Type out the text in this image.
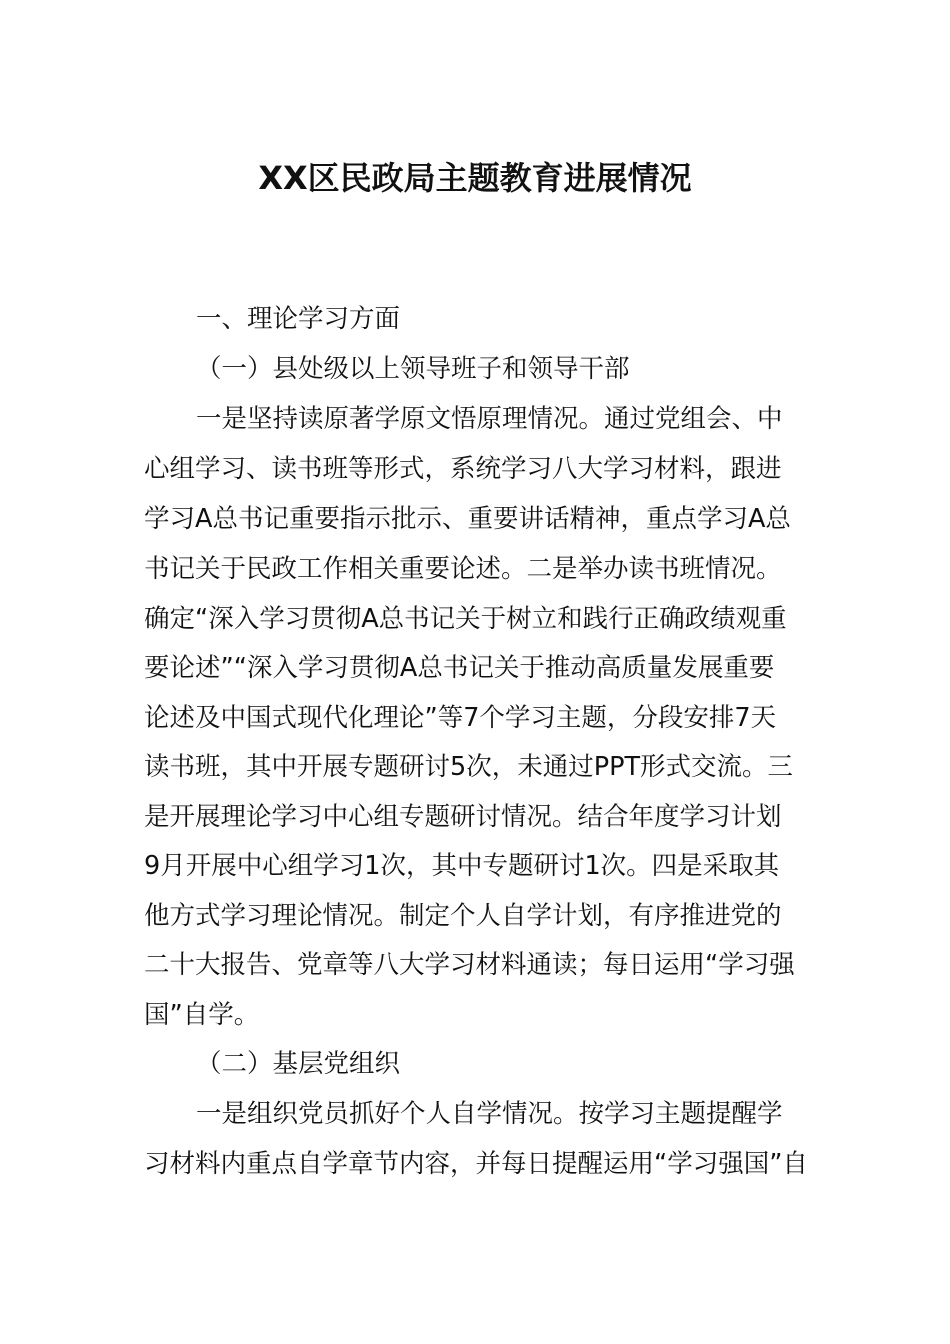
XX区民政局主题教育进展情况
一、理论学习方面
（一）县处级以上领导班子和领导干部
一是坚持读原著学原文悟原理情况。通过党组会、中
心组学习、读书班等形式，系统学习八大学习材料，跟进
学习A总书记重要指示批示、重要讲话精神，重点学习A总
书记关于民政工作相关重要论述。二是举办读书班情况。
确定“深入学习贯彻A总书记关于树立和践行正确政绩观重
要论述”“深入学习贯彻A总书记关于推动高质量发展重要
论述及中国式现代化理论”等7个学习主题，分段安排7天
读书班，其中开展专题研讨5次，未通过PPT形式交流。三
是开展理论学习中心组专题研讨情况。结合年度学习计划
9月开展中心组学习1次，其中专题研讨1次。四是采取其
他方式学习理论情况。制定个人自学计划，有序推进党的
二十大报告、党章等八大学习材料通读；每日运用“学习强
国”自学。
（二）基层党组织
一是组织党员抓好个人自学情况。按学习主题提醒学
习材料内重点自学章节内容，并每日提醒运用“学习强国”自
